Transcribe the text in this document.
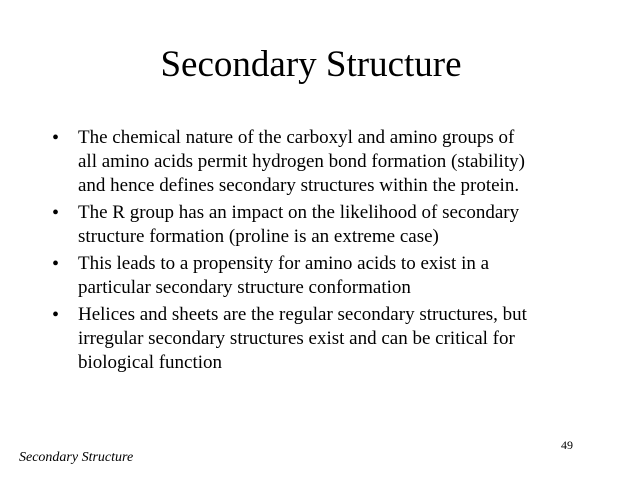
Secondary Structure
• The chemical nature of the carboxyl and amino groups of
all amino acids permit hydrogen bond formation (stability)
and hence defines secondary structures within the protein.
• The R group has an impact on the likelihood of secondary
structure formation (proline is an extreme case)
• This leads to a propensity for amino acids to exist in a
particular secondary structure conformation
• Helices and sheets are the regular secondary structures, but
irregular secondary structures exist and can be critical for
biological function
49
Secondary Structure
